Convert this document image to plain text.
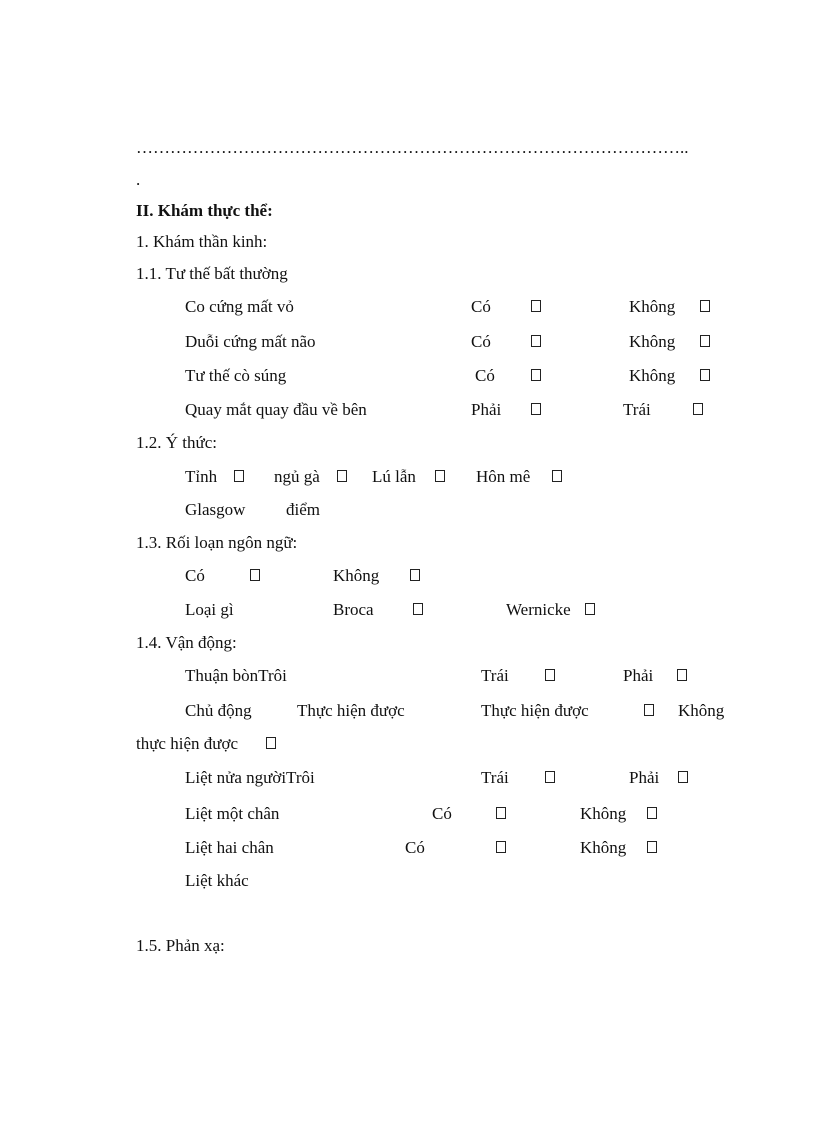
……………………………………………………………………………………..
.
II. Khám thực thể:
1. Khám thần kinh:
1.1. Tư thế bất thường
Co cứng mất vỏ	Có	Không
Duỗi cứng mất não	Có	Không
Tư thế cò súng	Có	Không
Quay mắt quay đầu về bên	Phải	Trái
1.2. Ý thức:
Tỉnh	ngủ gà	Lú lẫn	Hôn mê
Glasgow điểm
1.3. Rối loạn ngôn ngữ:
Có	Không
Loại gì	Broca	Wernicke
1.4. Vận động:
Thuận bònTrôi	Trái	Phải
Chủ động	Thực hiện được	Thực hiện được	Không
thực hiện được
Liệt nửa ngườiTrôi	Trái	Phải
Liệt một chân	Có	Không
Liệt hai chân	Có	Không
Liệt khác
1.5. Phản xạ:
